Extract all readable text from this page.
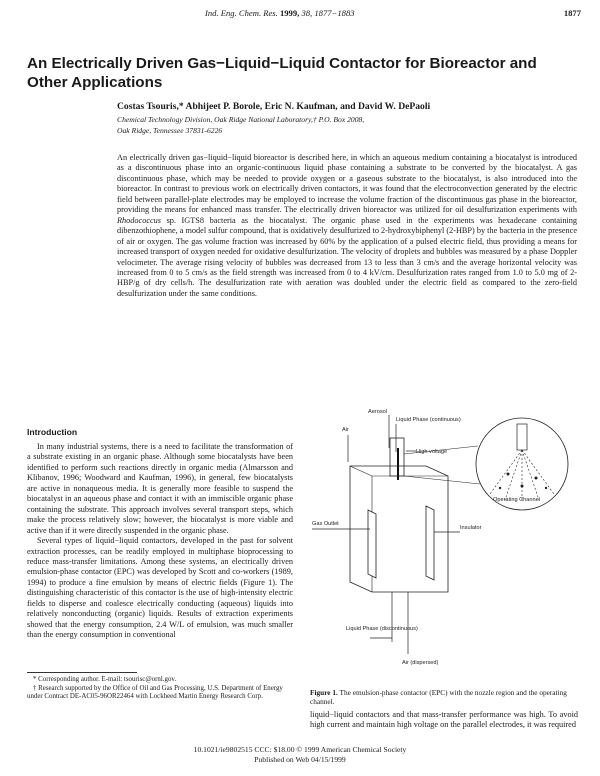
Ind. Eng. Chem. Res. 1999, 38, 1877−1883	1877
An Electrically Driven Gas−Liquid−Liquid Contactor for Bioreactor and Other Applications
Costas Tsouris,* Abhijeet P. Borole, Eric N. Kaufman, and David W. DePaoli
Chemical Technology Division, Oak Ridge National Laboratory,† P.O. Box 2008,
Oak Ridge, Tennessee 37831-6226

An electrically driven gas−liquid−liquid bioreactor is described here, in which an aqueous medium containing a biocatalyst is introduced as a discontinuous phase into an organic-continuous liquid phase containing a substrate to be converted by the biocatalyst. A gas discontinuous phase, which may be needed to provide oxygen or a gaseous substrate to the biocatalyst, is also introduced into the bioreactor. In contrast to previous work on electrically driven contactors, it was found that the electroconvection generated by the electric field between parallel-plate electrodes may be employed to increase the volume fraction of the discontinuous gas phase in the bioreactor, providing the means for enhanced mass transfer. The electrically driven bioreactor was utilized for oil desulfurization experiments with Rhodococcus sp. IGTS8 bacteria as the biocatalyst. The organic phase used in the experiments was hexadecane containing dibenzothiophene, a model sulfur compound, that is oxidatively desulfurized to 2-hydroxybiphenyl (2-HBP) by the bacteria in the presence of air or oxygen. The gas volume fraction was increased by 60% by the application of a pulsed electric field, thus providing a means for increased transport of oxygen needed for oxidative desulfurization. The velocity of droplets and bubbles was measured by a phase Doppler velocimeter. The average rising velocity of bubbles was decreased from 13 to less than 3 cm/s and the average horizontal velocity was increased from 0 to 5 cm/s as the field strength was increased from 0 to 4 kV/cm. Desulfurization rates ranged from 1.0 to 5.0 mg of 2-HBP/g of dry cells/h. The desulfurization rate with aeration was doubled under the electric field as compared to the zero-field desulfurization under the same conditions.

Introduction

In many industrial systems, there is a need to facilitate the transformation of a substrate existing in an organic phase. Although some biocatalysts have been identified to perform such reactions directly in organic media (Almarsson and Klibanov, 1996; Woodward and Kaufman, 1996), in general, few biocatalysts are active in nonaqueous media. It is generally more feasible to suspend the biocatalyst in an aqueous phase and contact it with an immiscible organic phase containing the substrate. This approach involves several transport steps, which make the process relatively slow; however, the biocatalyst is more viable and active than if it were directly suspended in the organic phase.

Several types of liquid−liquid contactors, developed in the past for solvent extraction processes, can be readily employed in multiphase bioprocessing to reduce mass-transfer limitations. Among these systems, an electrically driven emulsion-phase contactor (EPC) was developed by Scott and co-workers (1989, 1994) to produce a fine emulsion by means of electric fields (Figure 1). The distinguishing characteristic of this contactor is the use of high-intensity electric fields to disperse and coalesce electrically conducting (aqueous) liquids into relatively nonconducting (organic) liquids. Results of extraction experiments showed that the energy consumption, 2.4 W/L of emulsion, was much smaller than the energy consumption in conventional

* Corresponding author. E-mail: tsourisc@ornl.gov.

† Research supported by the Office of Oil and Gas Processing, U.S. Department of Energy under Contract DE-AC05-96OR22464 with Lockheed Martin Energy Research Corp.

Aerosol
Air
Liquid Phase (continuous)
High voltage
Gas Outlet
Insulator
Liquid Phase (discontinuous)
Air (dispersed)
Operating Channel
Figure 1. The emulsion-phase contactor (EPC) with the nozzle region and the operating channel.
liquid−liquid contactors and that mass-transfer performance was high. To avoid high current and maintain high voltage on the parallel electrodes, it was required
10.1021/ie9802515 CCC: $18.00 © 1999 American Chemical Society
Published on Web 04/15/1999
